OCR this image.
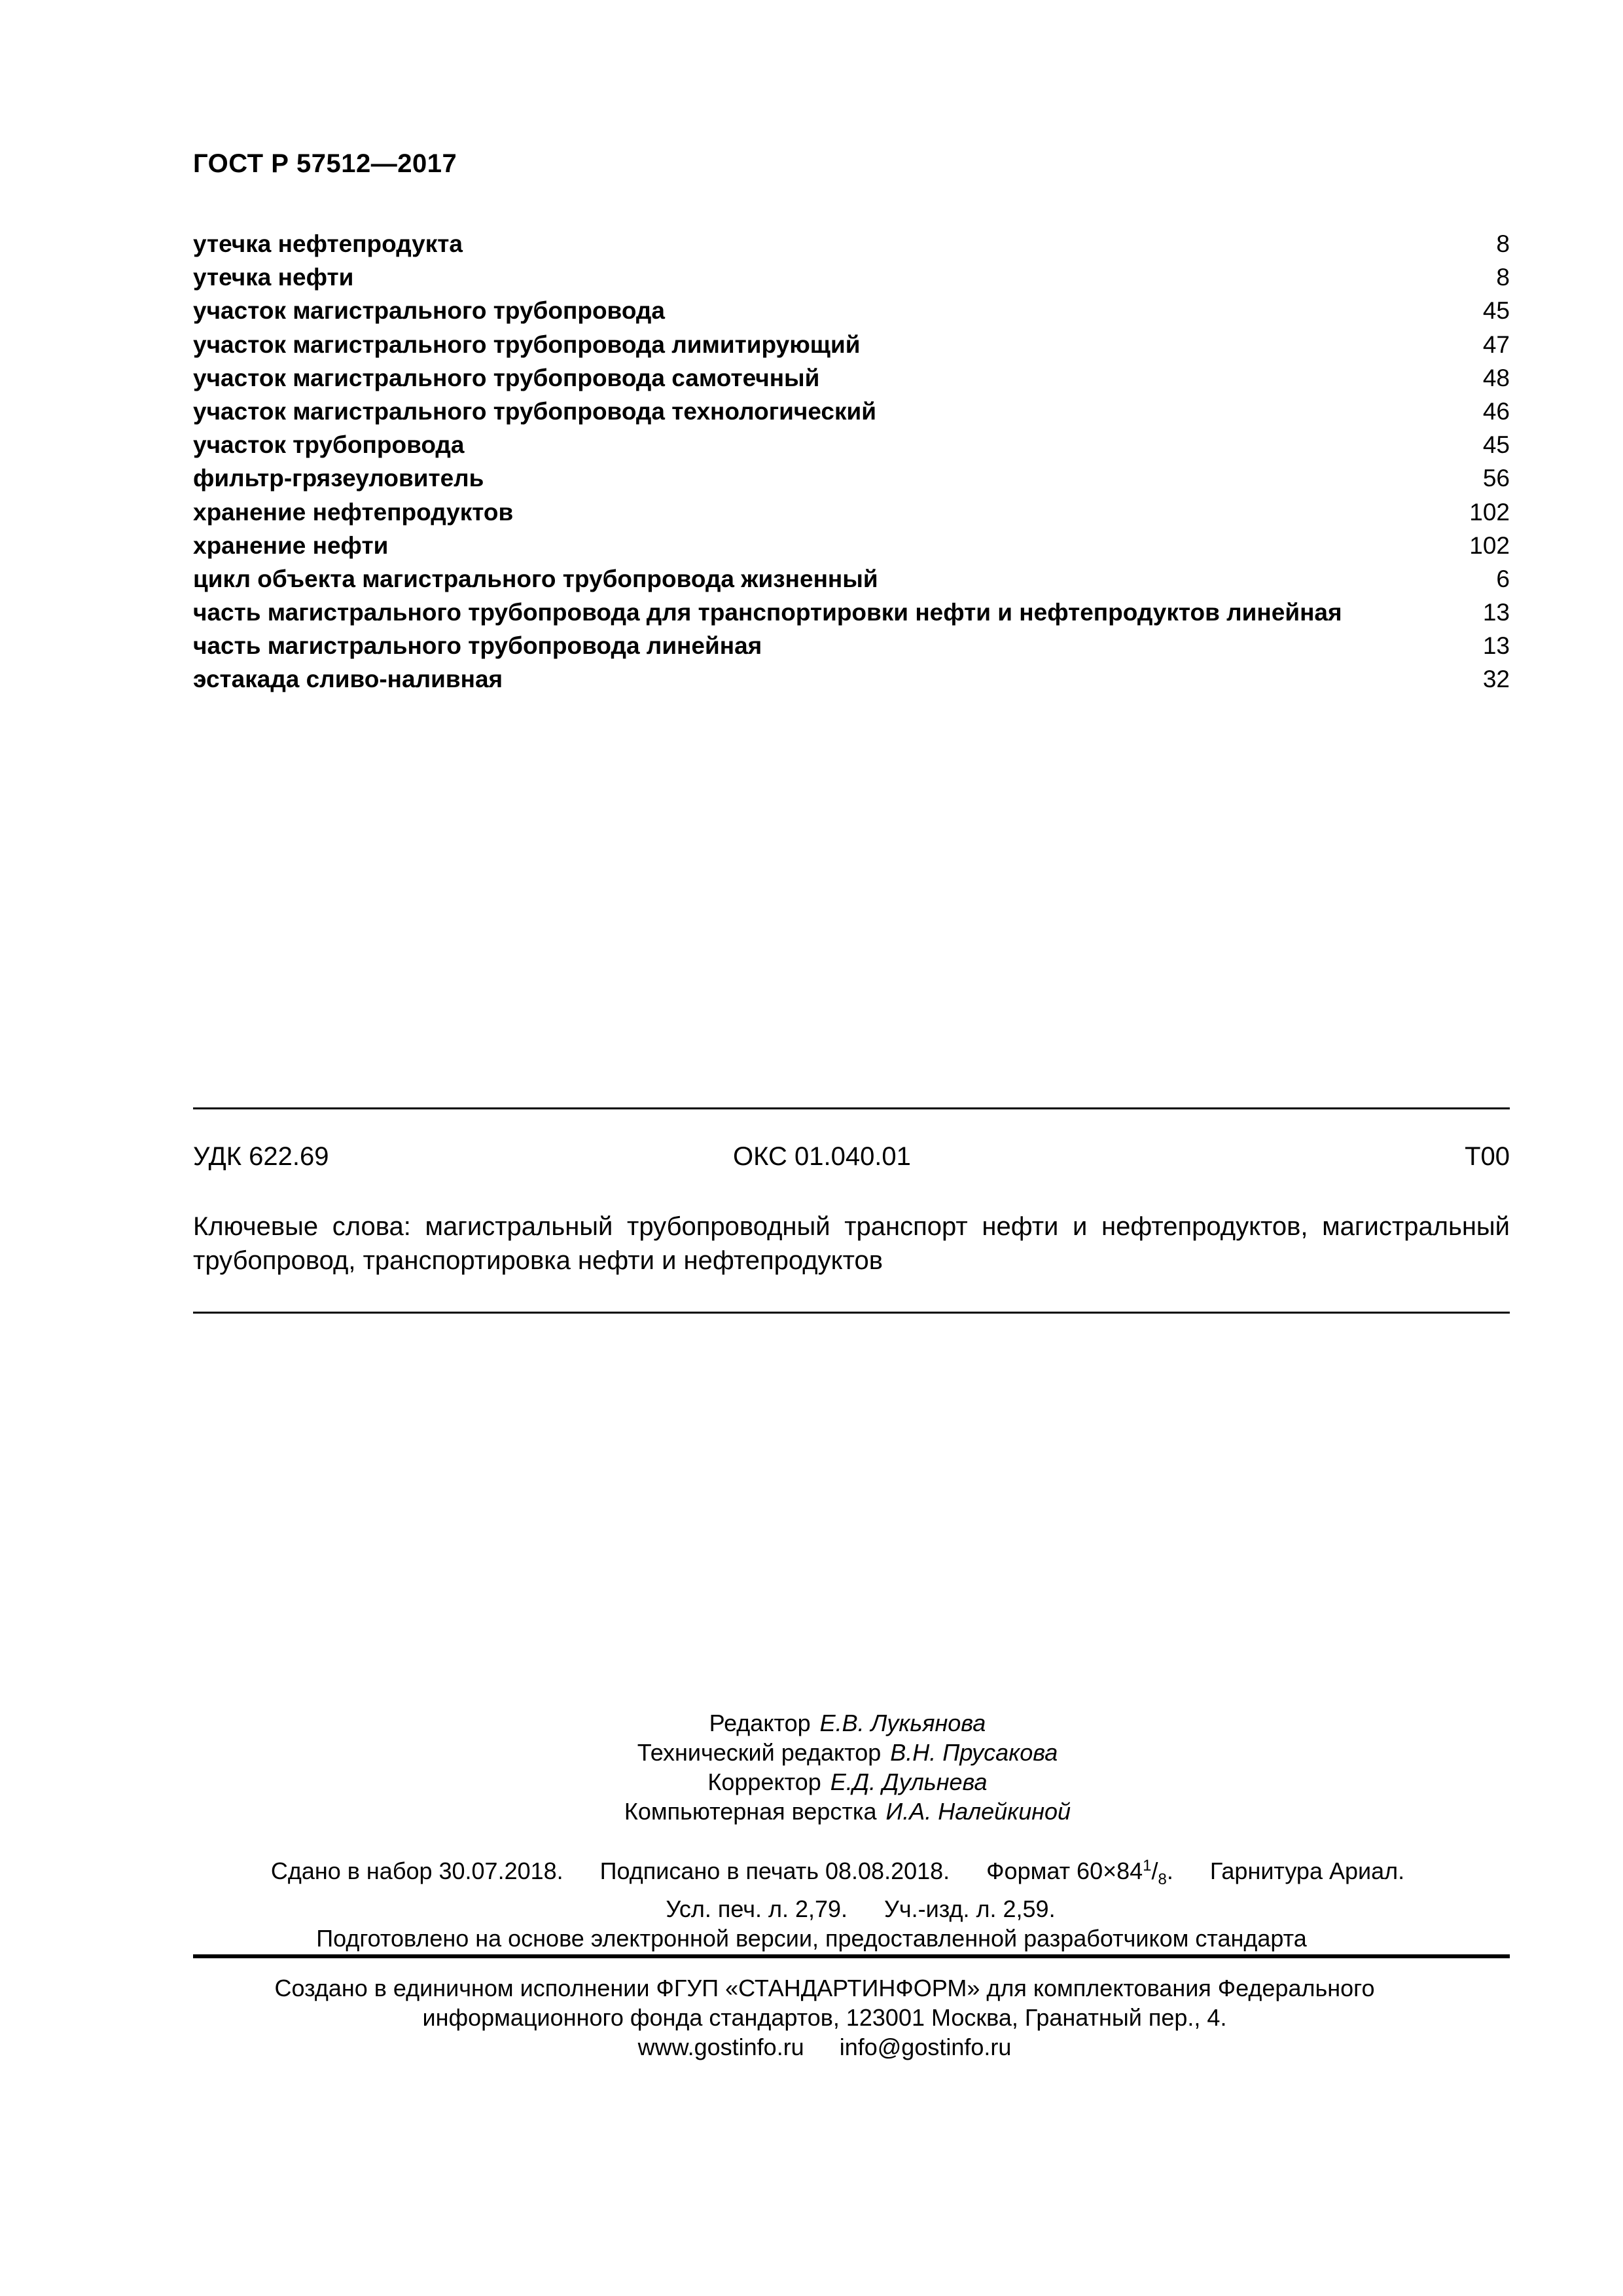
ГОСТ Р 57512—2017
утечка нефтепродукта	8
утечка нефти	8
участок магистрального трубопровода	45
участок магистрального трубопровода лимитирующий	47
участок магистрального трубопровода самотечный	48
участок магистрального трубопровода технологический	46
участок трубопровода	45
фильтр-грязеуловитель	56
хранение нефтепродуктов	102
хранение нефти	102
цикл объекта магистрального трубопровода жизненный	6
часть магистрального трубопровода для транспортировки нефти и нефтепродуктов линейная	13
часть магистрального трубопровода линейная	13
эстакада сливо-наливная	32
УДК 622.69	ОКС 01.040.01	Т00
Ключевые слова: магистральный трубопроводный транспорт нефти и нефтепродуктов, магистральный трубопровод, транспортировка нефти и нефтепродуктов
Редактор Е.В. Лукьянова
Технический редактор В.Н. Прусакова
Корректор Е.Д. Дульнева
Компьютерная верстка И.А. Налейкиной
Сдано в набор 30.07.2018. Подписано в печать 08.08.2018. Формат $60\times 84^1/_8$. Гарнитура Ариал.
Усл. печ. л. 2,79. Уч.-изд. л. 2,59.
Подготовлено на основе электронной версии, предоставленной разработчиком стандарта
Создано в единичном исполнении ФГУП «СТАНДАРТИНФОРМ» для комплектования Федерального
информационного фонда стандартов, 123001 Москва, Гранатный пер., 4.
www.gostinfo.ru info@gostinfo.ru
